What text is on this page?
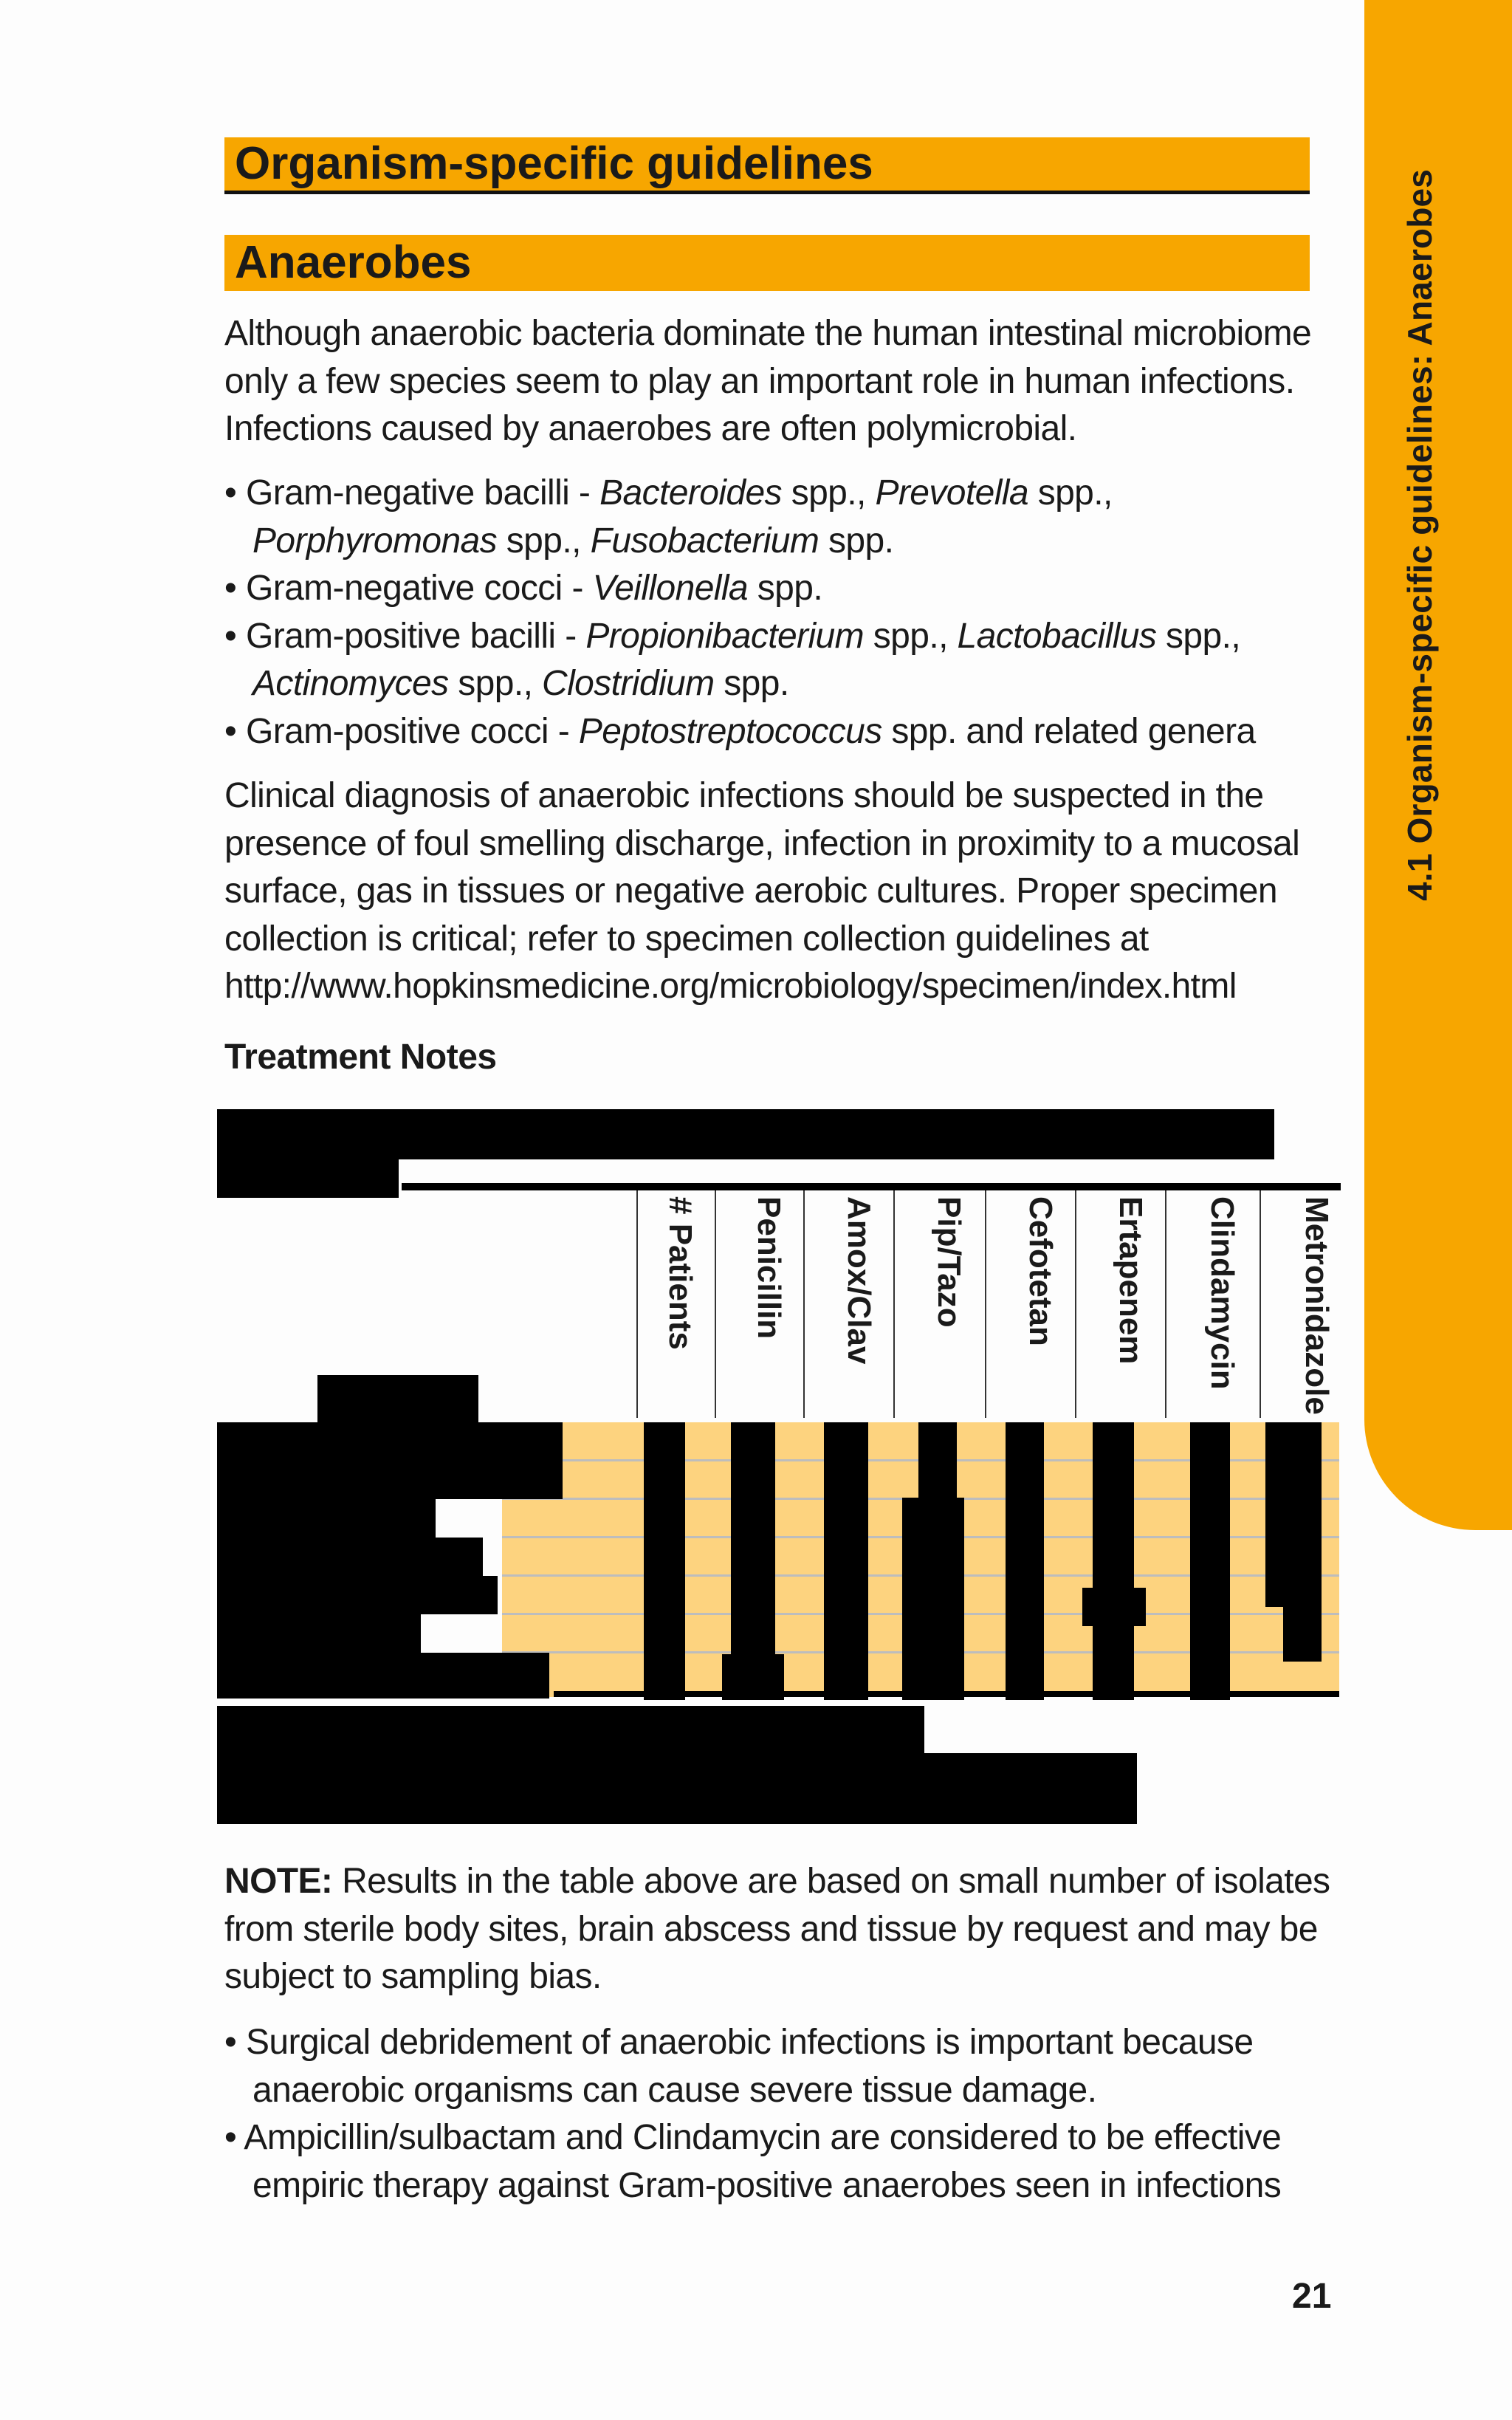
4.1 Organism-specific guidelines: Anaerobes
Organism-specific guidelines
Anaerobes
Although anaerobic bacteria dominate the human intestinal microbiome
only a few species seem to play an important role in human infections.
Infections caused by anaerobes are often polymicrobial.
• Gram-negative bacilli - Bacteroides spp., Prevotella spp.,
Porphyromonas spp., Fusobacterium spp.
• Gram-negative cocci - Veillonella spp.
• Gram-positive bacilli - Propionibacterium spp., Lactobacillus spp.,
Actinomyces spp., Clostridium spp.
• Gram-positive cocci - Peptostreptococcus spp. and related genera
Clinical diagnosis of anaerobic infections should be suspected in the
presence of foul smelling discharge, infection in proximity to a mucosal
surface, gas in tissues or negative aerobic cultures. Proper specimen
collection is critical; refer to specimen collection guidelines at
http://www.hopkinsmedicine.org/microbiology/specimen/index.html
Treatment Notes
# Patients Penicillin Amox/Clav Pip/Tazo Cefotetan Ertapenem Clindamycin Metronidazole
NOTE: Results in the table above are based on small number of isolates
from sterile body sites, brain abscess and tissue by request and may be
subject to sampling bias.
• Surgical debridement of anaerobic infections is important because
anaerobic organisms can cause severe tissue damage.
• Ampicillin/sulbactam and Clindamycin are considered to be effective
empiric therapy against Gram-positive anaerobes seen in infections
21
